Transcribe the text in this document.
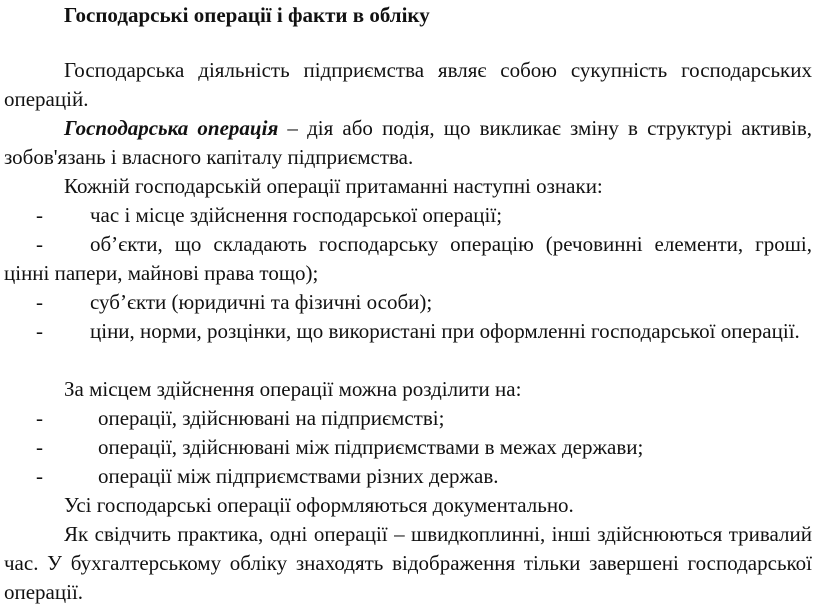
Господарські операції і факти в обліку

Господарська діяльність підприємства являє собою сукупність господарських операцій.

Господарська операція – дія або подія, що викликає зміну в структурі активів, зобов'язань і власного капіталу підприємства.

Кожній господарській операції притаманні наступні ознаки:

-	час і місце здійснення господарської операції;
-	об’єкти, що складають господарську операцію (речовинні елементи, гроші, цінні папери, майнові права тощо);
-	суб’єкти (юридичні та фізичні особи);
-	ціни, норми, розцінки, що використані при оформленні господарської операції.

За місцем здійснення операції можна розділити на:

-	операції, здійснювані на підприємстві;
-	операції, здійснювані між підприємствами в межах держави;
-	операції між підприємствами різних держав.

Усі господарські операції оформляються документально.

Як свідчить практика, одні операції – швидкоплинні, інші здійснюються тривалий час. У бухгалтерському обліку знаходять відображення тільки завершені господарської операції.
